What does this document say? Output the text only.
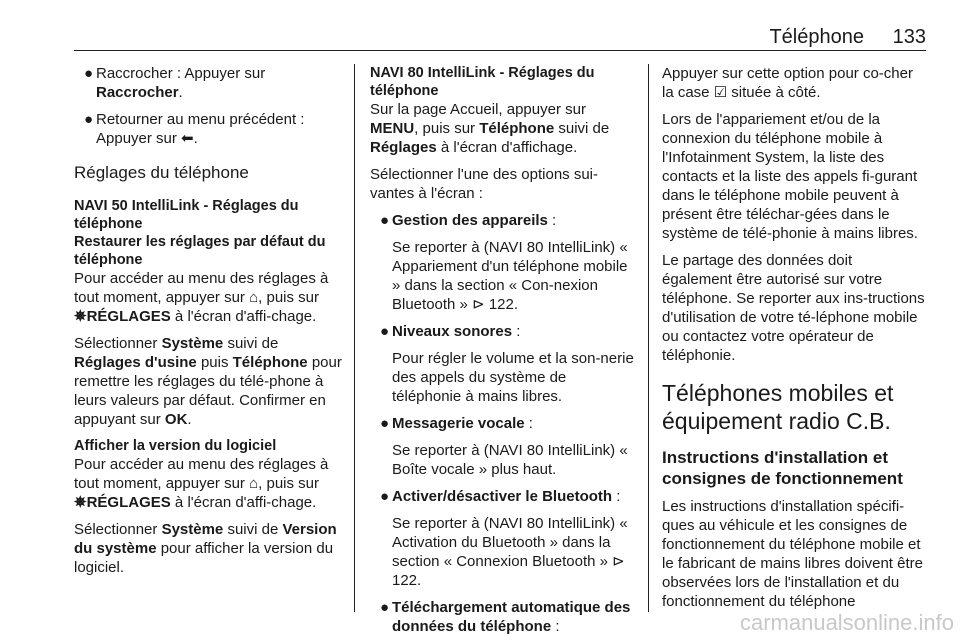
Téléphone 133
● Raccrocher : Appuyer sur Raccrocher.
● Retourner au menu précédent : Appuyer sur ⬅.
Réglages du téléphone
NAVI 50 IntelliLink - Réglages du téléphone
Restaurer les réglages par défaut du téléphone

Pour accéder au menu des réglages à tout moment, appuyer sur ⌂, puis sur ✵RÉGLAGES à l'écran d'affi-chage.

Sélectionner Système suivi de Réglages d'usine puis Téléphone pour remettre les réglages du télé-phone à leurs valeurs par défaut. Confirmer en appuyant sur OK.

Afficher la version du logiciel

Pour accéder au menu des réglages à tout moment, appuyer sur ⌂, puis sur ✵RÉGLAGES à l'écran d'affi-chage.

Sélectionner Système suivi de Version du système pour afficher la version du logiciel.

NAVI 80 IntelliLink - Réglages du téléphone

Sur la page Accueil, appuyer sur MENU, puis sur Téléphone suivi de Réglages à l'écran d'affichage.

Sélectionner l'une des options sui-vantes à l'écran :

● Gestion des appareils :

Se reporter à (NAVI 80 IntelliLink) « Appariement d'un téléphone mobile » dans la section « Con-nexion Bluetooth » ⊳ 122.

● Niveaux sonores :

Pour régler le volume et la son-nerie des appels du système de téléphonie à mains libres.

● Messagerie vocale :

Se reporter à (NAVI 80 IntelliLink) « Boîte vocale » plus haut.

● Activer/désactiver le Bluetooth :

Se reporter à (NAVI 80 IntelliLink) « Activation du Bluetooth » dans la section « Connexion Bluetooth » ⊳ 122.

● Téléchargement automatique des données du téléphone :

Appuyer sur cette option pour co-cher la case ☑ située à côté.

Lors de l'appariement et/ou de la connexion du téléphone mobile à l'Infotainment System, la liste des contacts et la liste des appels fi-gurant dans le téléphone mobile peuvent à présent être téléchar-gées dans le système de télé-phonie à mains libres.

Le partage des données doit également être autorisé sur votre téléphone. Se reporter aux ins-tructions d'utilisation de votre té-léphone mobile ou contactez votre opérateur de téléphonie.

Téléphones mobiles et équipement radio C.B.
Instructions d'installation et consignes de fonctionnement

Les instructions d'installation spécifi-ques au véhicule et les consignes de fonctionnement du téléphone mobile et le fabricant de mains libres doivent être observées lors de l'installation et du fonctionnement du téléphone

carmanualsonline.info
